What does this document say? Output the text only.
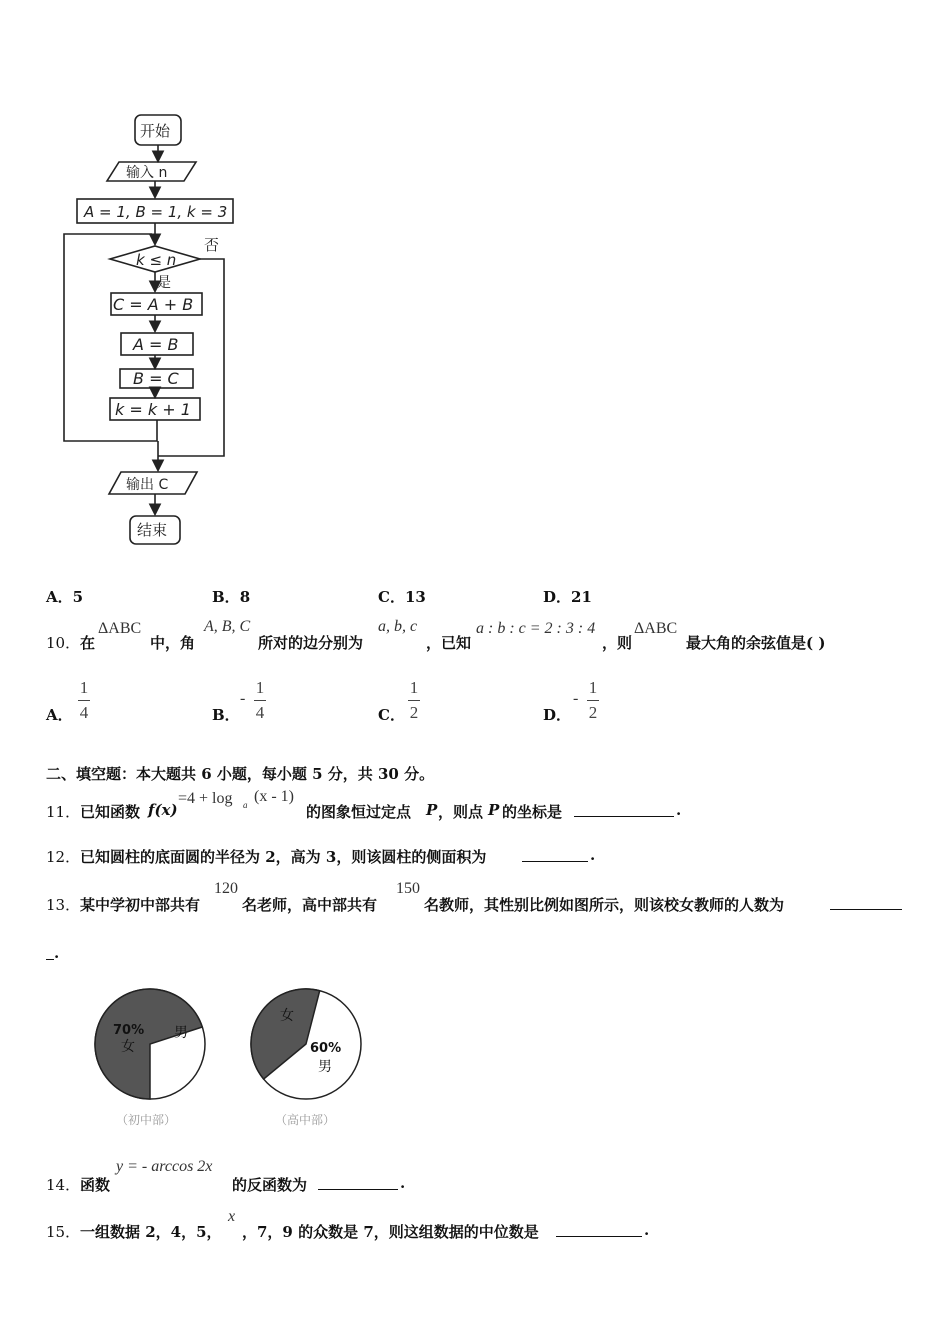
开始
输入 n
A = 1, B = 1, k = 3
k ≤ n
否
是
C = A + B
A = B
B = C
k = k + 1
输出 C
结束
A．5	B．8	C．13	D．21
10． 在
ΔABC
中，角
A, B, C
所对的边分别为
a, b, c
，已知
a : b : c = 2 : 3 : 4
，则
ΔABC
最大角的余弦值是( )
A．
1
4	B．
-
1
4	C．
1
2	D．
-
1
2
二、填空题：本大题共 6 小题，每小题 5 分，共 30 分。
11． 已知函数 f(x)
=4 + log a (x - 1)
的图象恒过定点 P ，则点 P 的坐标是	.
12． 已知圆柱的底面圆的半径为 2，高为 3，则该圆柱的侧面积为	.
13． 某中学初中部共有
120
名老师，高中部共有
150
名教师，其性别比例如图所示，则该校女教师的人数为
.
70%
女
男
（初中部）
女
60%
男
（高中部）
14． 函数
y = - arccos 2x
的反函数为	.
15． 一组数据 2，4，5，
x
，7，9 的众数是 7，则这组数据的中位数是	.
